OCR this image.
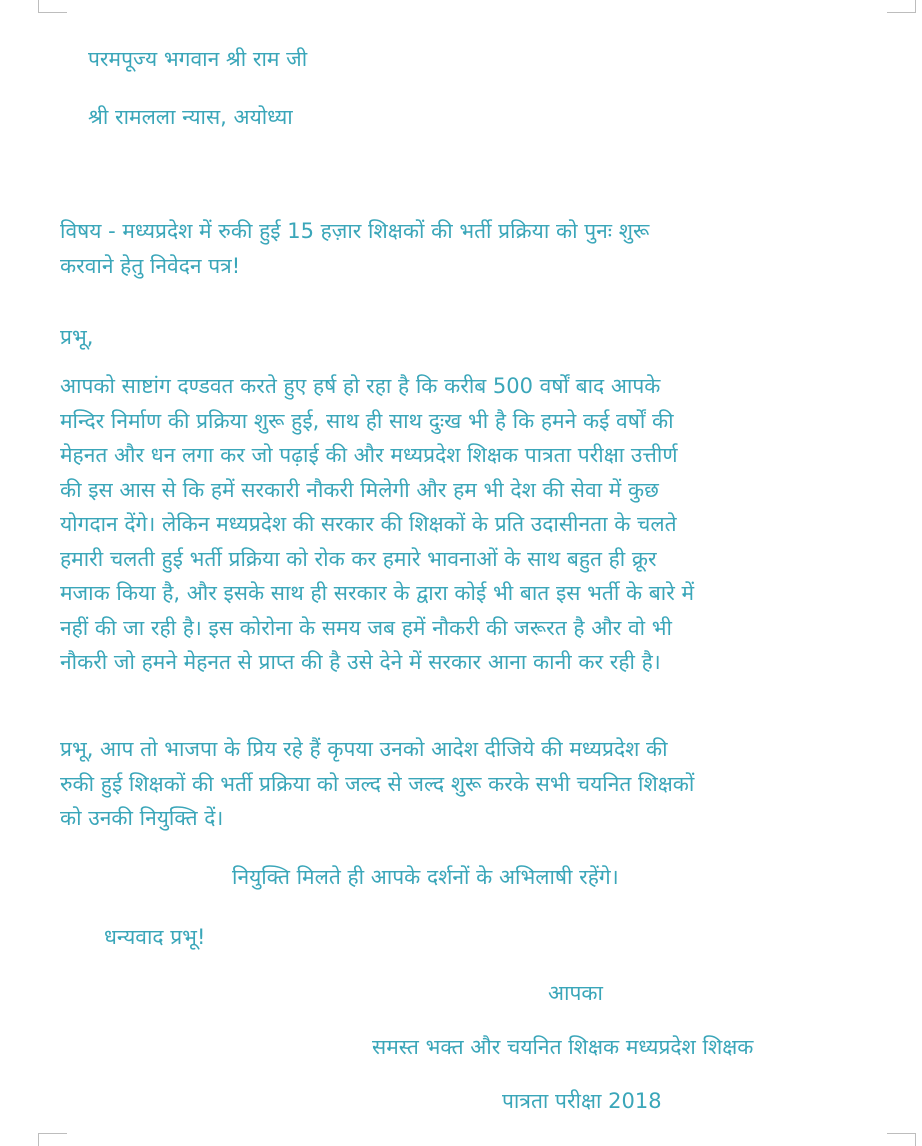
परमपूज्य भगवान श्री राम जी
श्री रामलला न्यास, अयोध्या
विषय - मध्यप्रदेश में रुकी हुई 15 हज़ार शिक्षकों की भर्ती प्रक्रिया को पुनः शुरू
करवाने हेतु निवेदन पत्र!
प्रभू,
आपको साष्टांग दण्डवत करते हुए हर्ष हो रहा है कि करीब 500 वर्षों बाद आपके
मन्दिर निर्माण की प्रक्रिया शुरू हुई, साथ ही साथ दुःख भी है कि हमने कई वर्षों की
मेहनत और धन लगा कर जो पढ़ाई की और मध्यप्रदेश शिक्षक पात्रता परीक्षा उत्तीर्ण
की इस आस से कि हमें सरकारी नौकरी मिलेगी और हम भी देश की सेवा में कुछ
योगदान देंगे। लेकिन मध्यप्रदेश की सरकार की शिक्षकों के प्रति उदासीनता के चलते
हमारी चलती हुई भर्ती प्रक्रिया को रोक कर हमारे भावनाओं के साथ बहुत ही क्रूर
मजाक किया है, और इसके साथ ही सरकार के द्वारा कोई भी बात इस भर्ती के बारे में
नहीं की जा रही है। इस कोरोना के समय जब हमें नौकरी की जरूरत है और वो भी
नौकरी जो हमने मेहनत से प्राप्त की है उसे देने में सरकार आना कानी कर रही है।
प्रभू, आप तो भाजपा के प्रिय रहे हैं कृपया उनको आदेश दीजिये की मध्यप्रदेश की
रुकी हुई शिक्षकों की भर्ती प्रक्रिया को जल्द से जल्द शुरू करके सभी चयनित शिक्षकों
को उनकी नियुक्ति दें।
नियुक्ति मिलते ही आपके दर्शनों के अभिलाषी रहेंगे।
धन्यवाद प्रभू!
आपका
समस्त भक्त और चयनित शिक्षक मध्यप्रदेश शिक्षक
पात्रता परीक्षा 2018
